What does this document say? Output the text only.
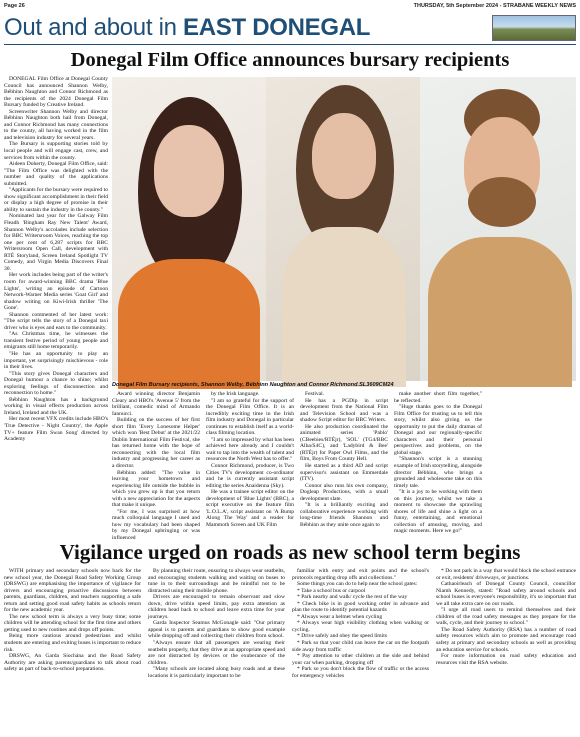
Page 26	THURSDAY, 5th September 2024 - STRABANE WEEKLY NEWS
Out and about in EAST DONEGAL
Donegal Film Office announces bursary recipients

DONEGAL Film Office at Donegal County Council has announced Shannon Welby, Bébhinn Naughton and Connor Richmond as the recipients of the 2024 Donegal Film Bursary funded by Creative Ireland.

Screenwriter Shannon Welby and director Bébhinn Naughton both hail from Donegal, and Connor Richmond has many connections to the county, all having worked in the film and television industry for several years.

The Bursary is supporting stories told by local people and will engage cast, crew, and services from within the county.

Aideen Doherty, Donegal Film Office, said: "The Film Office was delighted with the number and quality of the applications submitted.

"Applicants for the bursary were required to show significant accomplishment in their field or display a high degree of promise in their ability to sustain the industry in the county."

Nominated last year for the Galway Film Fleadh 'Bingham Ray New Talent' Award, Shannon Welby's accolades include selection for BBC Writersroom Voices, reaching the top one per cent of 6,287 scripts for BBC Writersroom Open Call, development with RTÉ Storyland, Screen Ireland Spotlight TV Comedy, and Virgin Media Discovers Final 30.

Her work includes being part of the writer's room for award-winning BBC drama 'Blue Lights', writing an episode of Cartoon Network-Warner Media series 'Goat Girl' and shadow writing on Kiwi-Irish thriller 'The Gone'.

Shannon commented of her latest work: "The script tells the story of a Donegal taxi driver who is eyes and ears to the community.

"As Christmas time, he witnesses the transient festive period of young people and emigrants still home temporarily.

"He has an opportunity to play an important, yet surprisingly mischievous - role in their lives.

"This story gives Donegal characters and Donegal humour a chance to shine; whilst exploring feelings of disconnection and reconnection to home."

Bébhinn Naughton has a background working in visual effects production across Ireland, Iceland and the UK.

Her most recent VFX credits include HBO's 'True Detective - Night Country', the Apple TV+ feature Film Swan Song' directed by Academy

Donegal Film Bursary recipients, Shannon Welby, Bébhinn Naughton and Connor Richmond.SL3609CM24

Award winning director Benjamin Cleary and HBO's 'Avenue 5' from the brilliant, comedic mind of Armando Iannucci.

Building on the success of her first short film 'Every Lonesome Helper' which won 'Best Debut' at the 2021/22 Dublin International Film Festival, she has returned home with the hope of reconnecting with the local film industry and progressing her career as a director.

Bébhinn added: "The value in leaving your hometown and experiencing life outside the bubble in which you grew up is that you return with a new appreciation for the aspects that make it unique.

"For me, I was surprised at how much colloquial language I used and how my vocabulary had been shaped by my Donegal upbringing or was influenced

by the Irish language.

"I am so grateful for the support of the Donegal Film Office. It is an incredibly exciting time in the Irish film industry and Donegal in particular continues to establish itself as a world-class filming location.

"I am so impressed by what has been achieved here already and I couldn't wait to tap into the wealth of talent and resources the North West has to offer."

Connor Richmond, producer, is Two Cities TV's development co-ordinator and he is currently assistant script editing the series Anaidenna (Sky).

He was a trainee script editor on the development of 'Blue Lights' (BBC), a script executive on the feature film 'L.O.L.A', script assistant on 'A Bump Along The Way' and a reader for Mammoth Screen and UK Film

Festival.

He has a PGDip in script development from the National Film and Television School and was a shadow Script editor for BBC Writers.

He also production coordinated the animated series 'Pablo' (CBeebies/RTÉjr), 'SOL' (TG4/BBC Alba/S4C), and 'Ladybird & Bee' (RTÉjr) for Paper Owl Films, and the film, Boys From County Hell.

He started as a third AD and script supervisor's assistant on Emmerdale (ITV).

Connor also runs his own company, Dogleap Productions, with a small development slate.

"It is a brilliantly exciting and collaborative experience working with long-time friends Shannon and Bébhinn as they unite once again to

make another short film together," he reflected.

"Huge thanks goes to the Donegal Film Office for trusting us to tell this story, whilst also giving us the opportunity to put the daily dramas of Donegal and our regionally-specific characters and their personal perspectives and problems, on the global stage.

"Shannon's script is a stunning example of Irish storytelling, alongside director Bébhinn, who brings a grounded and wholesome take on this timely tale.

"It is a joy to be working with them on this journey, whilst we take a moment to showcase the sprawling shores of life and shine a light on a funny, entertaining, and emotional collection of amusing, moving, and magic moments. Here we go!"

Vigilance urged on roads as new school term begins

WITH primary and secondary schools now back for the new school year, the Donegal Road Safety Working Group (DRSWG) are emphasising the importance of vigilance for drivers and encouraging proactive discussions between parents, guardians, children, and teachers supporting a safe return and setting good road safety habits as schools return for the new academic year.

The new school term is always a very busy time; some children will be attending school for the first time and others getting used to new routines and drops off points.

Being more cautious around pedestrians and whilst students are entering and exiting buses is important to reduce risk.

DRSWG, An Garda Síochána and the Road Safety Authority are asking parents/guardians to talk about road safety as part of back-to-school preparations.

By planning their route, ensuring to always wear seatbelts, and encouraging students walking and waiting on buses to tune in to their surroundings and be mindful not to be distracted using their mobile phone.

Drivers are encouraged to remain observant and slow down, drive within speed limits, pay extra attention as children head back to school and leave extra time for your journeys.

Garda Inspector Seamus McGonagle said: "Our primary appeal is to parents and guardians to show good example while dropping off and collecting their children from school.

"Always ensure that all passengers are wearing their seatbelts properly, that they drive at an appropriate speed and are not distracted by devices or the exuberance of the children.

"Many schools are located along busy roads and at these locations it is particularly important to be

familiar with entry and exit points and the school's protocols regarding drop offs and collections."

Some things you can do to help near the school gates:

* Take a school bus or carpool

* Park nearby and walk/ cycle the rest of the way

* Check bike is in good working order in advance and plan the route to identify potential hazards

* Always wear a helmet when cycling

* Always wear high visibility clothing when walking or cycling.

* Drive safely and obey the speed limits

* Park so that your child can leave the car on the footpath side away from traffic

* Pay attention to other children at the side and behind your car when parking, dropping off

* Park so you don't block the flow of traffic or the access for emergency vehicles

* Do not park in a way that would block the school entrance or exit, residents' driveways, or junctions.

Cathaoirleach of Donegal County Council, councillor Niamh Kennedy, stated: "Road safety around schools and school buses is everyone's responsibility, it's so important that we all take extra care on our roads.

"I urge all road users to remind themselves and their children of the road safety messages as they prepare for the walk, cycle, and their journey to school."

The Road Safety Authority (RSA) has a number of road safety resources which aim to promote and encourage road safety at primary and secondary schools as well as providing an education service for schools.

For more information on road safety education and resources visit the RSA website.
